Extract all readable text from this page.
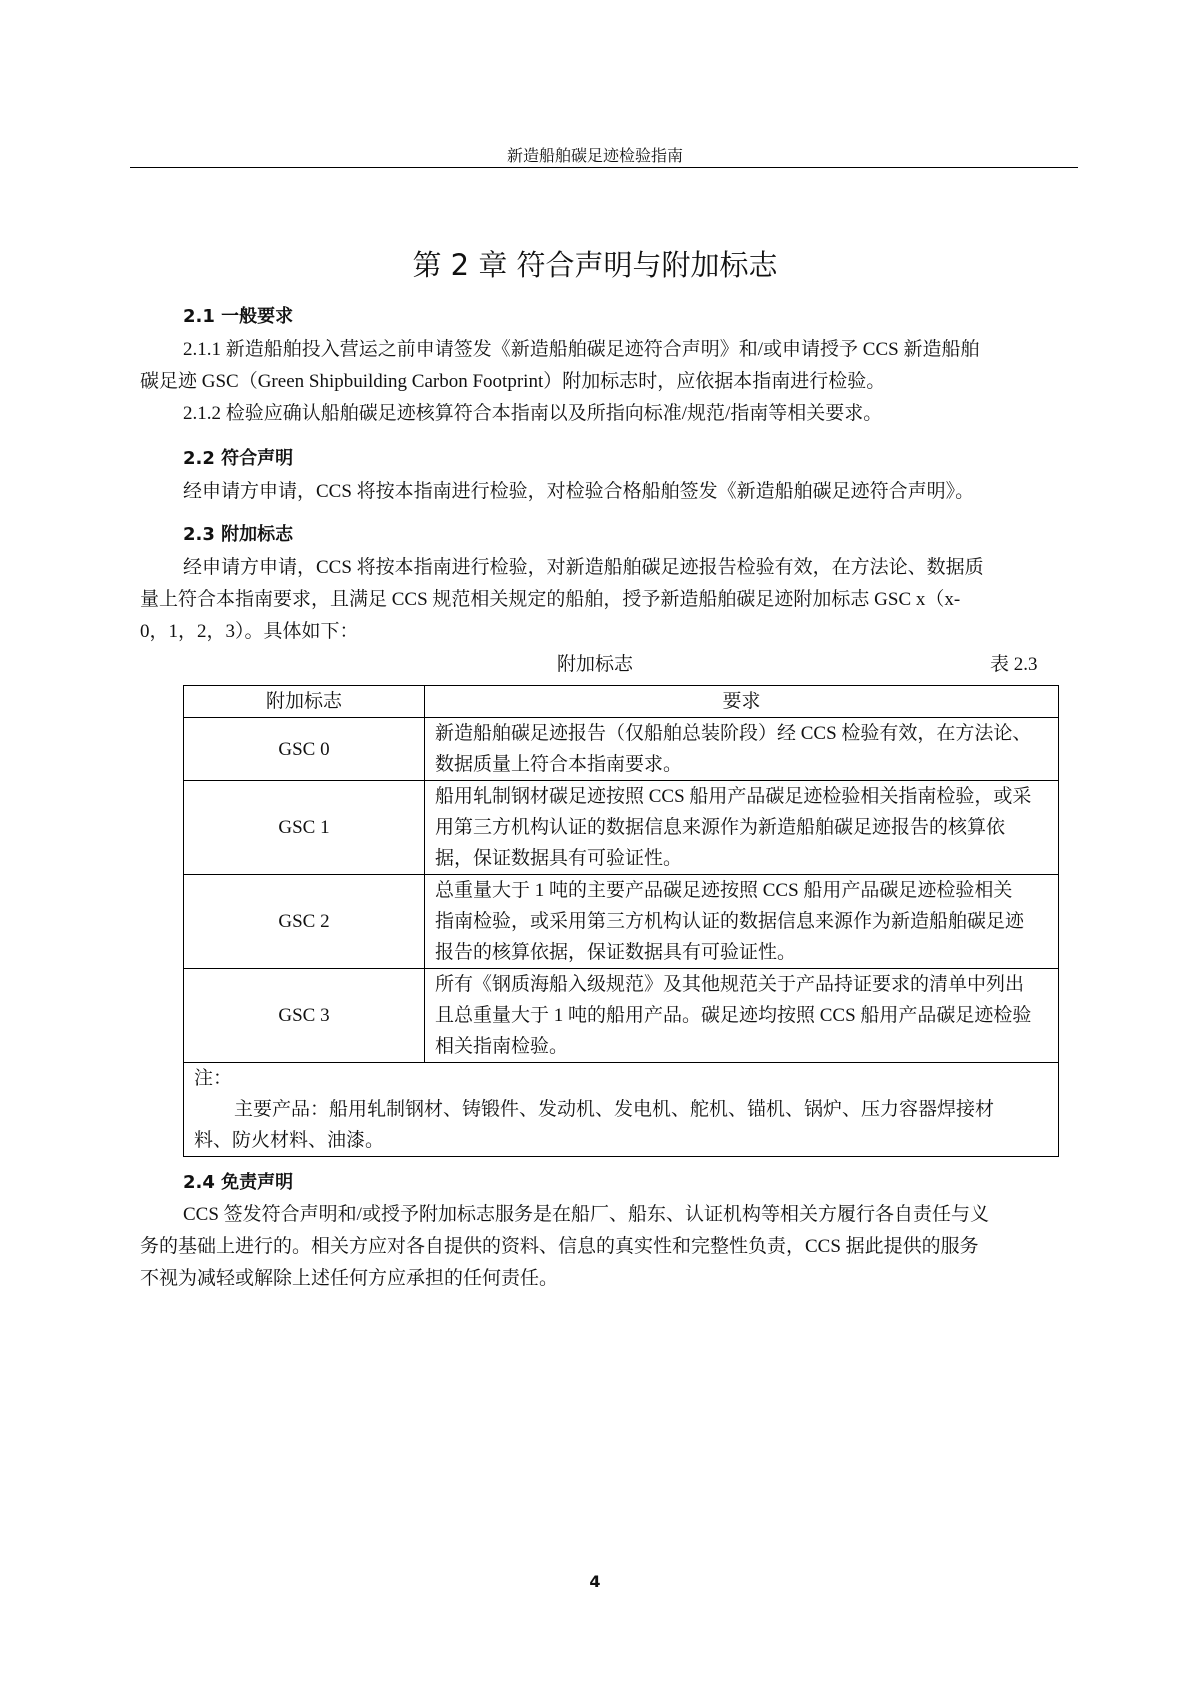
新造船舶碳足迹检验指南
第 2 章 符合声明与附加标志
2.1 一般要求
2.1.1 新造船舶投入营运之前申请签发《新造船舶碳足迹符合声明》和/或申请授予 CCS 新造船舶
碳足迹 GSC（Green Shipbuilding Carbon Footprint）附加标志时，应依据本指南进行检验。
2.1.2 检验应确认船舶碳足迹核算符合本指南以及所指向标准/规范/指南等相关要求。
2.2 符合声明
经申请方申请，CCS 将按本指南进行检验，对检验合格船舶签发《新造船舶碳足迹符合声明》。
2.3 附加标志
经申请方申请，CCS 将按本指南进行检验，对新造船舶碳足迹报告检验有效，在方法论、数据质
量上符合本指南要求，且满足 CCS 规范相关规定的船舶，授予新造船舶碳足迹附加标志 GSC x（x-
0，1，2，3）。具体如下：
附加标志	表 2.3
附加标志	要求
GSC 0	新造船舶碳足迹报告（仅船舶总装阶段）经 CCS 检验有效，在方法论、
数据质量上符合本指南要求。

GSC 1	船用轧制钢材碳足迹按照 CCS 船用产品碳足迹检验相关指南检验，或采
用第三方机构认证的数据信息来源作为新造船舶碳足迹报告的核算依
据，保证数据具有可验证性。

GSC 2	总重量大于 1 吨的主要产品碳足迹按照 CCS 船用产品碳足迹检验相关
指南检验，或采用第三方机构认证的数据信息来源作为新造船舶碳足迹
报告的核算依据，保证数据具有可验证性。

GSC 3	所有《钢质海船入级规范》及其他规范关于产品持证要求的清单中列出
且总重量大于 1 吨的船用产品。碳足迹均按照 CCS 船用产品碳足迹检验
相关指南检验。

注：
主要产品：船用轧制钢材、铸锻件、发动机、发电机、舵机、锚机、锅炉、压力容器焊接材
料、防火材料、油漆。	
2.4 免责声明
CCS 签发符合声明和/或授予附加标志服务是在船厂、船东、认证机构等相关方履行各自责任与义
务的基础上进行的。相关方应对各自提供的资料、信息的真实性和完整性负责，CCS 据此提供的服务
不视为减轻或解除上述任何方应承担的任何责任。
4
